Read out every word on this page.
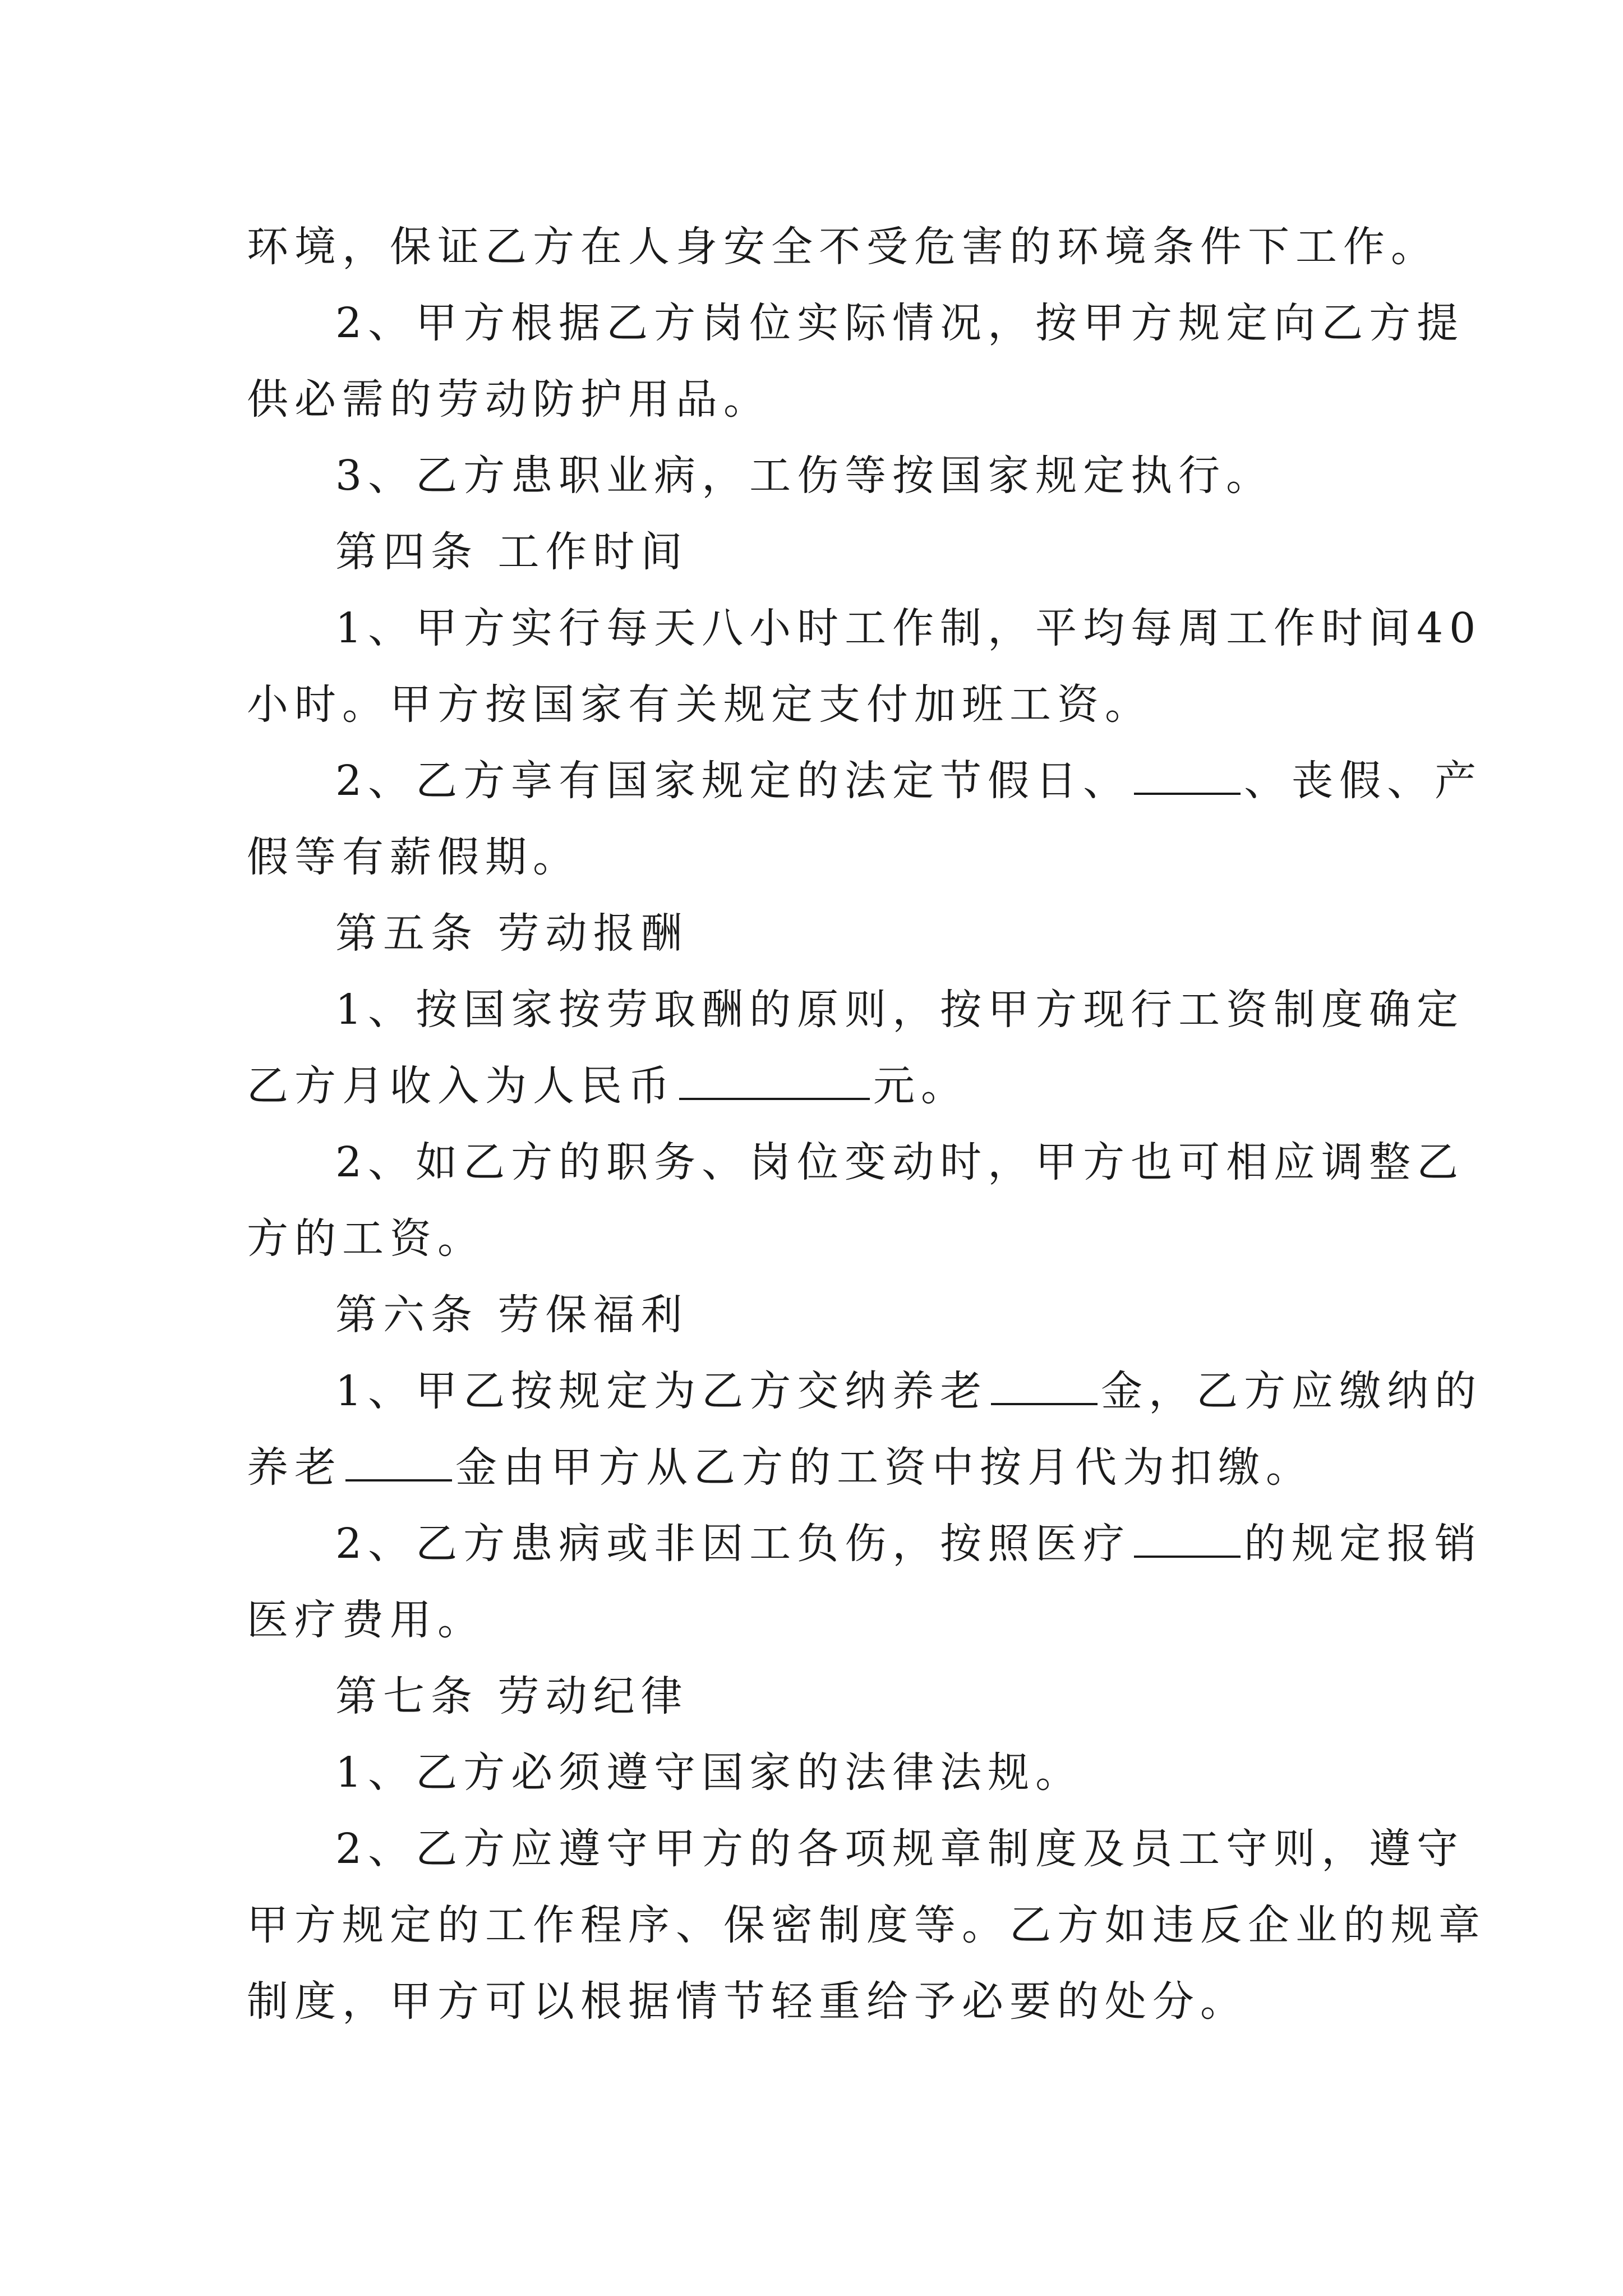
环境，保证乙方在人身安全不受危害的环境条件下工作。
2、甲方根据乙方岗位实际情况，按甲方规定向乙方提
供必需的劳动防护用品。
3、乙方患职业病，工伤等按国家规定执行。
第四条 工作时间
1、甲方实行每天八小时工作制，平均每周工作时间40
小时。甲方按国家有关规定支付加班工资。
2、乙方享有国家规定的法定节假日、	、丧假、产
假等有薪假期。
第五条 劳动报酬
1、按国家按劳取酬的原则，按甲方现行工资制度确定
乙方月收入为人民币	元。
2、如乙方的职务、岗位变动时，甲方也可相应调整乙
方的工资。
第六条 劳保福利
1、甲乙按规定为乙方交纳养老	金，乙方应缴纳的
养老	金由甲方从乙方的工资中按月代为扣缴。
2、乙方患病或非因工负伤，按照医疗	的规定报销
医疗费用。
第七条 劳动纪律
1、乙方必须遵守国家的法律法规。
2、乙方应遵守甲方的各项规章制度及员工守则，遵守
甲方规定的工作程序、保密制度等。乙方如违反企业的规章
制度，甲方可以根据情节轻重给予必要的处分。
